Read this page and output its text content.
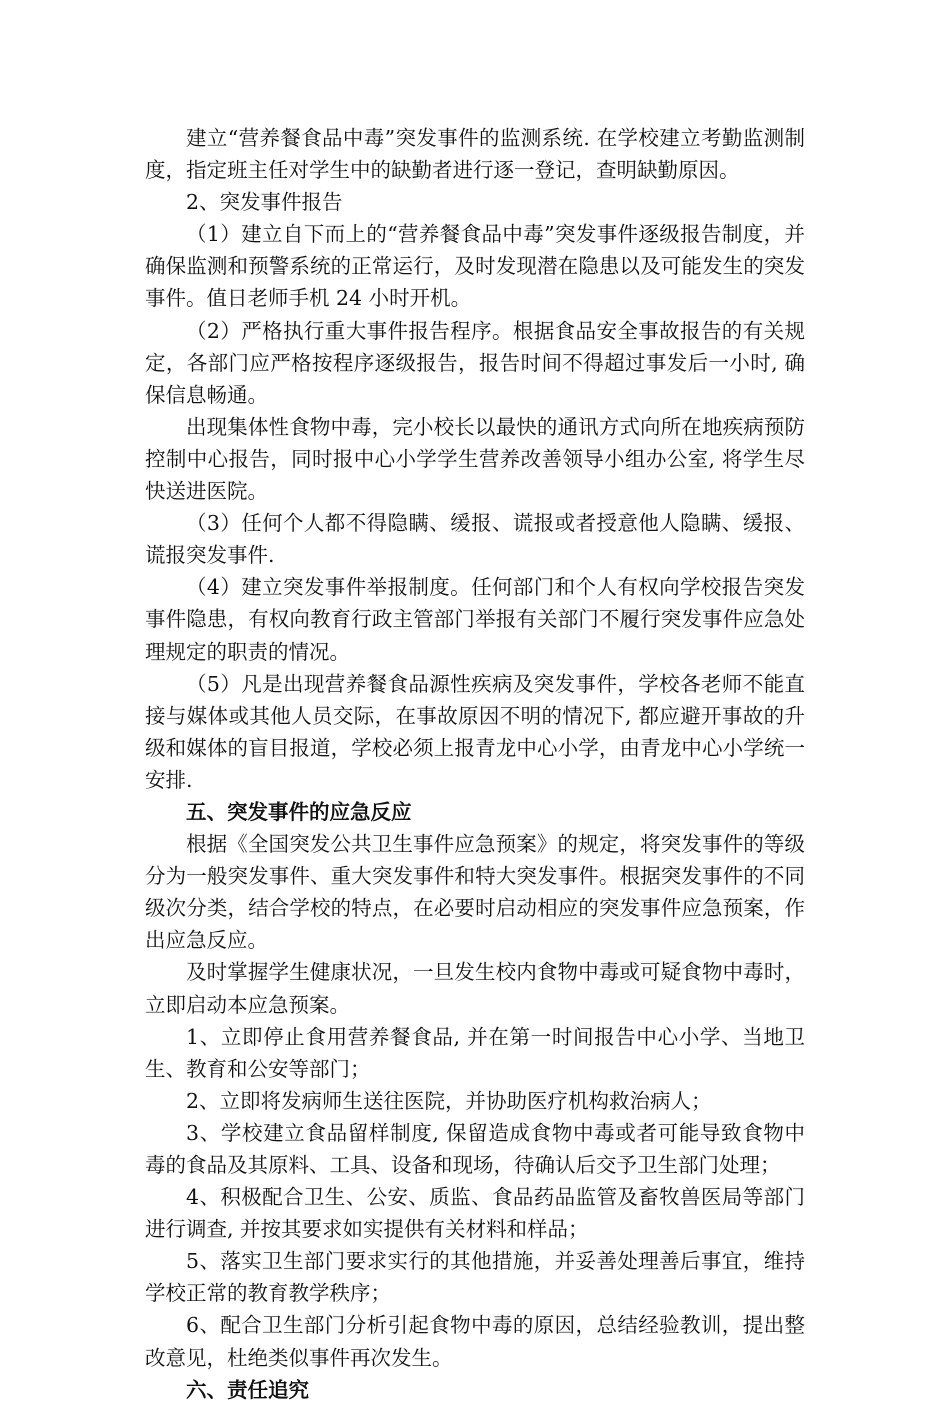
建立“营养餐食品中毒”突发事件的监测系统. 在学校建立考勤监测制度，指定班主任对学生中的缺勤者进行逐一登记，查明缺勤原因。

2、突发事件报告

（1）建立自下而上的“营养餐食品中毒”突发事件逐级报告制度，并确保监测和预警系统的正常运行，及时发现潜在隐患以及可能发生的突发事件。值日老师手机 24 小时开机。

（2）严格执行重大事件报告程序。根据食品安全事故报告的有关规定，各部门应严格按程序逐级报告，报告时间不得超过事发后一小时, 确保信息畅通。

出现集体性食物中毒，完小校长以最快的通讯方式向所在地疾病预防控制中心报告，同时报中心小学学生营养改善领导小组办公室, 将学生尽快送进医院。

（3）任何个人都不得隐瞒、缓报、谎报或者授意他人隐瞒、缓报、谎报突发事件.

（4）建立突发事件举报制度。任何部门和个人有权向学校报告突发事件隐患，有权向教育行政主管部门举报有关部门不履行突发事件应急处理规定的职责的情况。

（5）凡是出现营养餐食品源性疾病及突发事件，学校各老师不能直接与媒体或其他人员交际，在事故原因不明的情况下, 都应避开事故的升级和媒体的盲目报道，学校必须上报青龙中心小学，由青龙中心小学统一安排.

五、突发事件的应急反应

根据《全国突发公共卫生事件应急预案》的规定，将突发事件的等级分为一般突发事件、重大突发事件和特大突发事件。根据突发事件的不同级次分类，结合学校的特点，在必要时启动相应的突发事件应急预案，作出应急反应。

及时掌握学生健康状况，一旦发生校内食物中毒或可疑食物中毒时，立即启动本应急预案。

1、立即停止食用营养餐食品, 并在第一时间报告中心小学、当地卫生、教育和公安等部门；

2、立即将发病师生送往医院，并协助医疗机构救治病人；

3、学校建立食品留样制度, 保留造成食物中毒或者可能导致食物中毒的食品及其原料、工具、设备和现场，待确认后交予卫生部门处理；

4、积极配合卫生、公安、质监、食品药品监管及畜牧兽医局等部门进行调查, 并按其要求如实提供有关材料和样品；

5、落实卫生部门要求实行的其他措施，并妥善处理善后事宜，维持学校正常的教育教学秩序；

6、配合卫生部门分析引起食物中毒的原因，总结经验教训，提出整改意见，杜绝类似事件再次发生。

六、责任追究
